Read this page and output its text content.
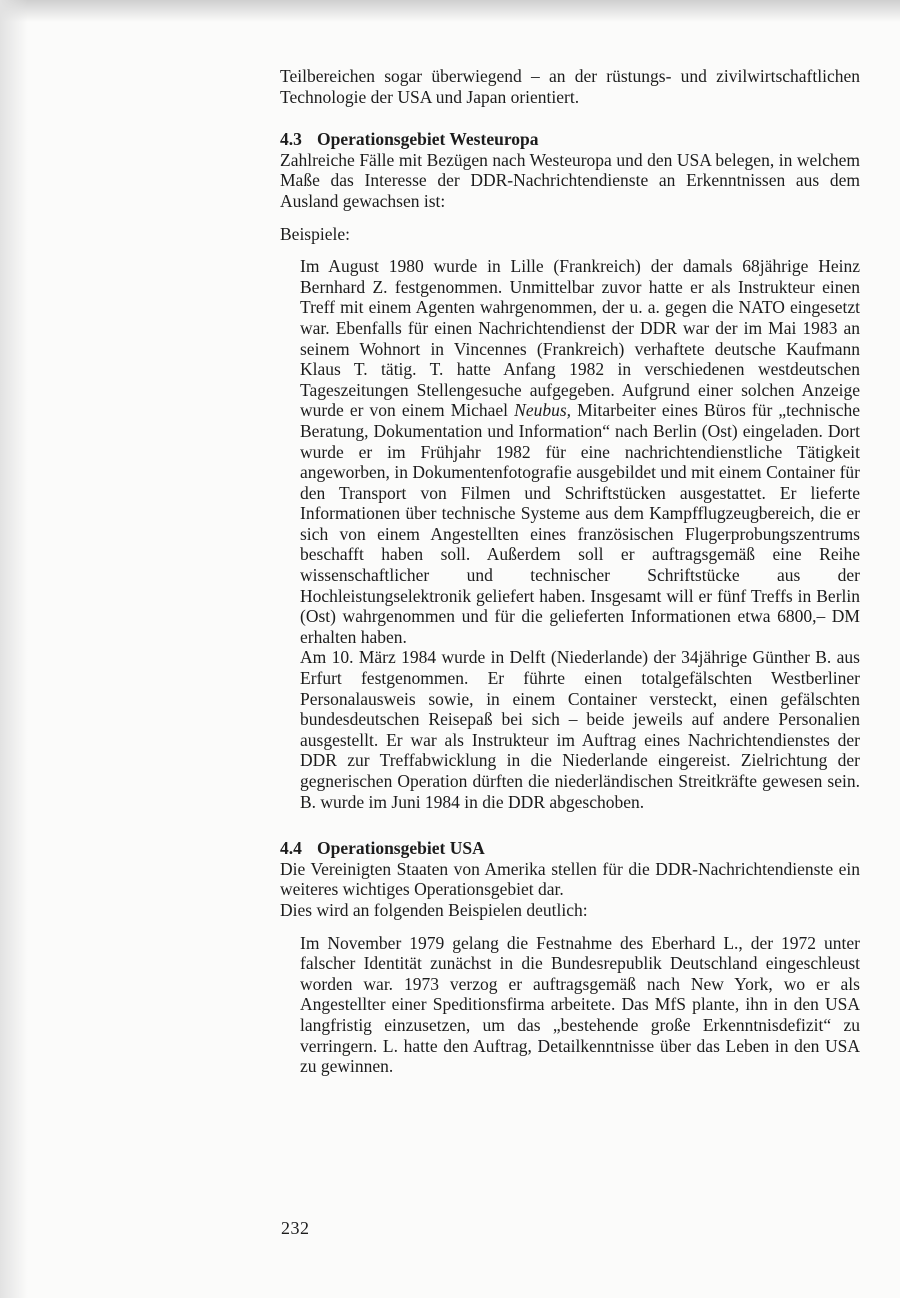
Teilbereichen sogar überwiegend – an der rüstungs- und zivilwirtschaftlichen Technologie der USA und Japan orientiert.

4.3 Operationsgebiet Westeuropa

Zahlreiche Fälle mit Bezügen nach Westeuropa und den USA belegen, in welchem Maße das Interesse der DDR-Nachrichtendienste an Erkenntnissen aus dem Ausland gewachsen ist:

Beispiele:

Im August 1980 wurde in Lille (Frankreich) der damals 68jährige Heinz Bernhard Z. festgenommen. Unmittelbar zuvor hatte er als Instrukteur einen Treff mit einem Agenten wahrgenommen, der u. a. gegen die NATO eingesetzt war. Ebenfalls für einen Nachrichtendienst der DDR war der im Mai 1983 an seinem Wohnort in Vincennes (Frankreich) verhaftete deutsche Kaufmann Klaus T. tätig. T. hatte Anfang 1982 in verschiedenen westdeutschen Tageszeitungen Stellengesuche aufgegeben. Aufgrund einer solchen Anzeige wurde er von einem Michael Neubus, Mitarbeiter eines Büros für „technische Beratung, Dokumentation und Information“ nach Berlin (Ost) eingeladen. Dort wurde er im Frühjahr 1982 für eine nachrichtendienstliche Tätigkeit angeworben, in Dokumentenfotografie ausgebildet und mit einem Container für den Transport von Filmen und Schriftstücken ausgestattet. Er lieferte Informationen über technische Systeme aus dem Kampfflugzeugbereich, die er sich von einem Angestellten eines französischen Flugerprobungszentrums beschafft haben soll. Außerdem soll er auftragsgemäß eine Reihe wissenschaftlicher und technischer Schriftstücke aus der Hochleistungselektronik geliefert haben. Insgesamt will er fünf Treffs in Berlin (Ost) wahrgenommen und für die gelieferten Informationen etwa 6800,– DM erhalten haben.

Am 10. März 1984 wurde in Delft (Niederlande) der 34jährige Günther B. aus Erfurt festgenommen. Er führte einen totalgefälschten Westberliner Personalausweis sowie, in einem Container versteckt, einen gefälschten bundesdeutschen Reisepaß bei sich – beide jeweils auf andere Personalien ausgestellt. Er war als Instrukteur im Auftrag eines Nachrichtendienstes der DDR zur Treffabwicklung in die Niederlande eingereist. Zielrichtung der gegnerischen Operation dürften die niederländischen Streitkräfte gewesen sein. B. wurde im Juni 1984 in die DDR abgeschoben.

4.4 Operationsgebiet USA

Die Vereinigten Staaten von Amerika stellen für die DDR-Nachrichtendienste ein weiteres wichtiges Operationsgebiet dar.

Dies wird an folgenden Beispielen deutlich:

Im November 1979 gelang die Festnahme des Eberhard L., der 1972 unter falscher Identität zunächst in die Bundesrepublik Deutschland eingeschleust worden war. 1973 verzog er auftragsgemäß nach New York, wo er als Angestellter einer Speditionsfirma arbeitete. Das MfS plante, ihn in den USA langfristig einzusetzen, um das „bestehende große Erkenntnisdefizit“ zu verringern. L. hatte den Auftrag, Detailkenntnisse über das Leben in den USA zu gewinnen.

232
